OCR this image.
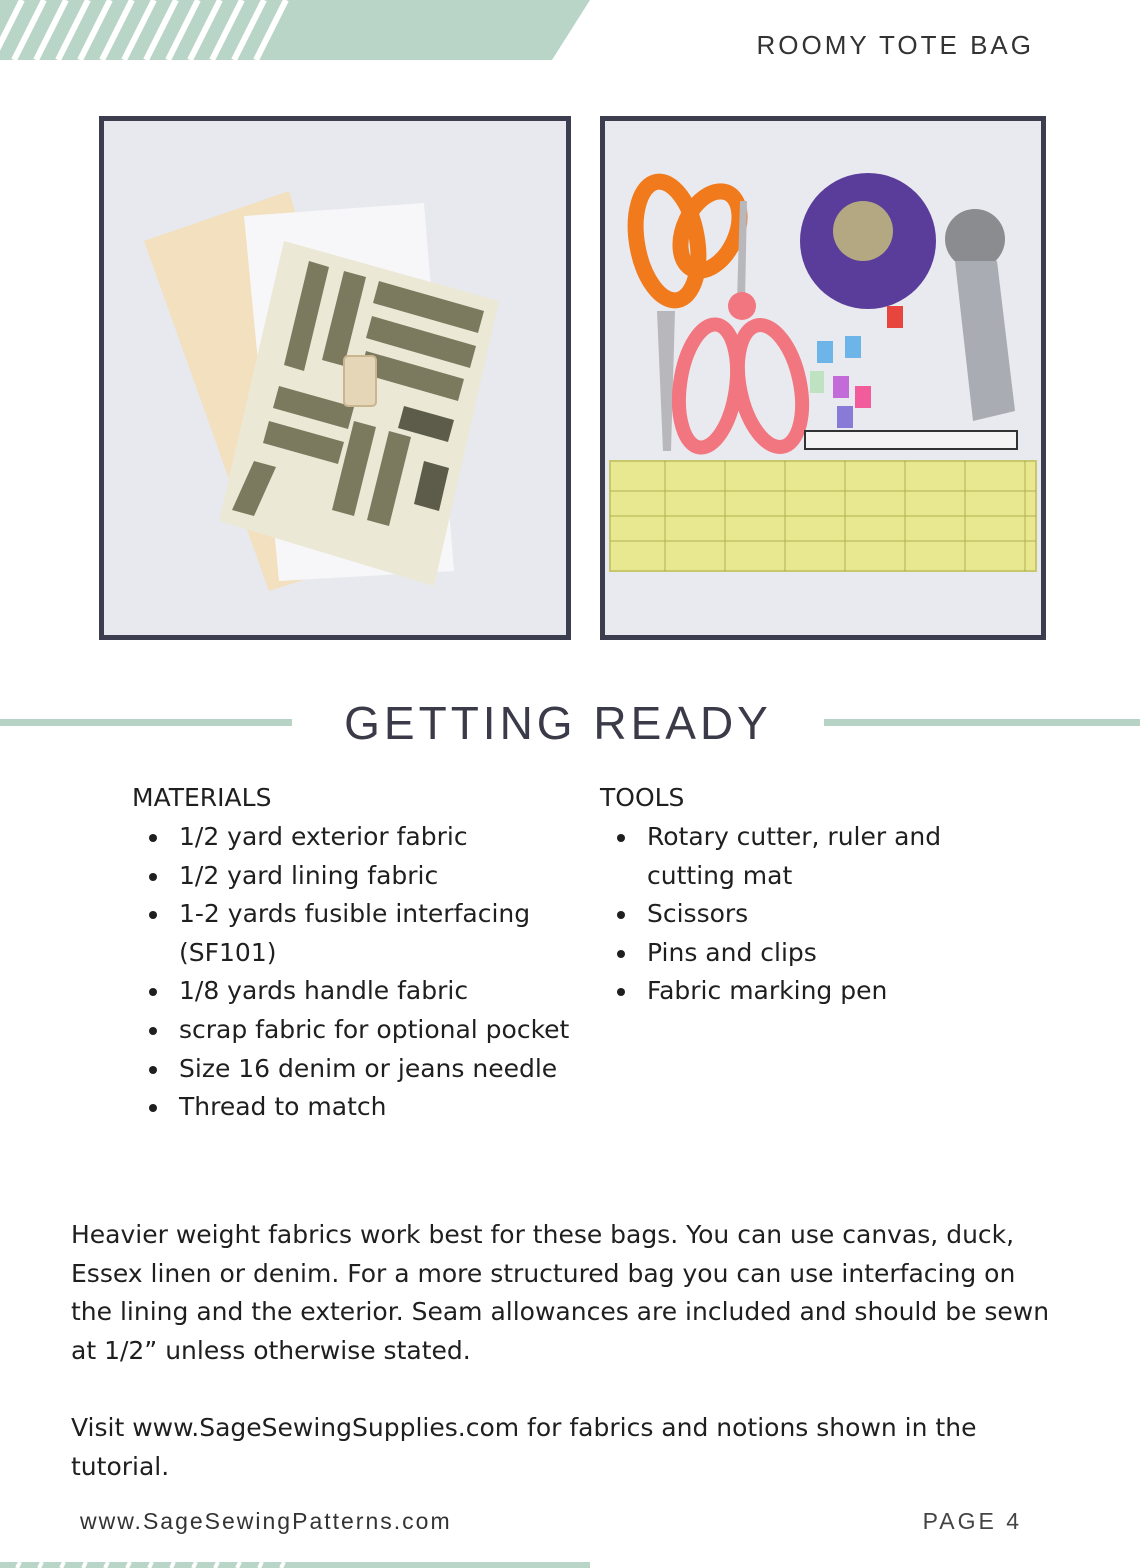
ROOMY TOTE BAG
GETTING READY
MATERIALS
1/2 yard exterior fabric
1/2 yard lining fabric
1-2 yards fusible interfacing (SF101)
1/8 yards handle fabric
scrap fabric for optional pocket
Size 16 denim or jeans needle
Thread to match
TOOLS
Rotary cutter, ruler and cutting mat
Scissors
Pins and clips
Fabric marking pen

Heavier weight fabrics work best for these bags. You can use canvas, duck, Essex linen or denim. For a more structured bag you can use interfacing on the lining and the exterior. Seam allowances are included and should be sewn at 1/2” unless otherwise stated.

Visit www.SageSewingSupplies.com for fabrics and notions shown in the tutorial.

www.SageSewingPatterns.com	PAGE 4
